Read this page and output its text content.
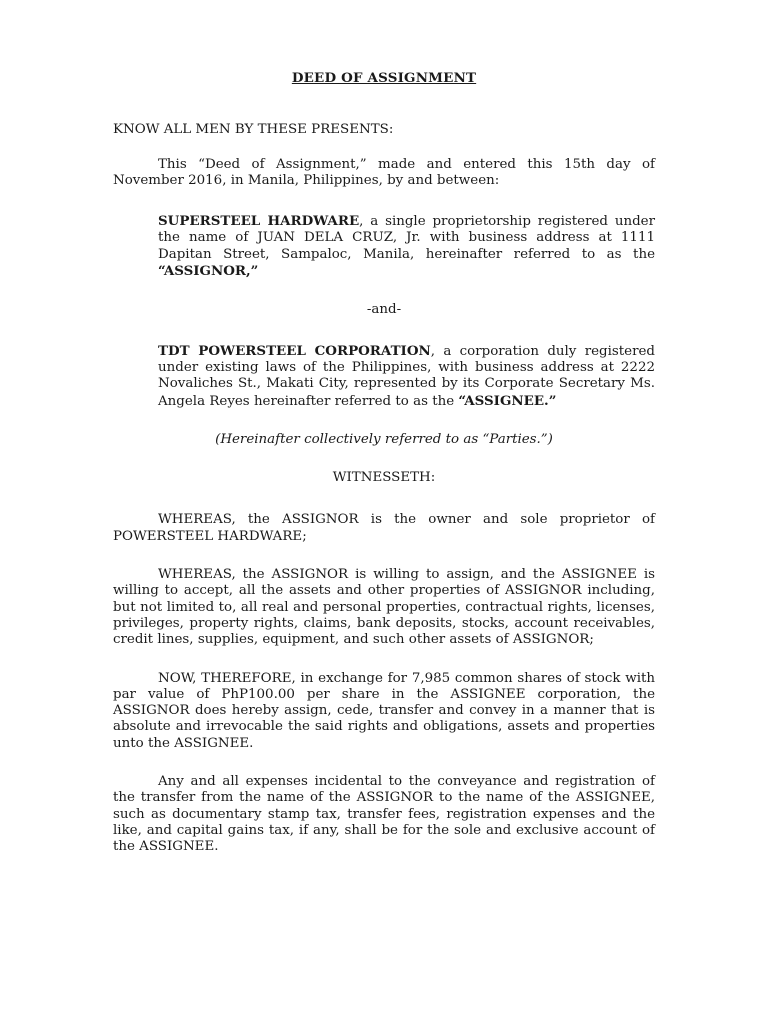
DEED OF ASSIGNMENT

KNOW ALL MEN BY THESE PRESENTS:

This “Deed of Assignment,” made and entered this 15th day of November 2016, in Manila, Philippines, by and between:

SUPERSTEEL HARDWARE, a single proprietorship registered under the name of JUAN DELA CRUZ, Jr. with business address at 1111 Dapitan Street, Sampaloc, Manila, hereinafter referred to as the “ASSIGNOR,”

-and-

TDT POWERSTEEL CORPORATION, a corporation duly registered under existing laws of the Philippines, with business address at 2222 Novaliches St., Makati City, represented by its Corporate Secretary Ms. Angela Reyes hereinafter referred to as the “ASSIGNEE.”

(Hereinafter collectively referred to as “Parties.”)

WITNESSETH:

WHEREAS, the ASSIGNOR is the owner and sole proprietor of POWERSTEEL HARDWARE;

WHEREAS, the ASSIGNOR is willing to assign, and the ASSIGNEE is willing to accept, all the assets and other properties of ASSIGNOR including, but not limited to, all real and personal properties, contractual rights, licenses, privileges, property rights, claims, bank deposits, stocks, account receivables, credit lines, supplies, equipment, and such other assets of ASSIGNOR;

NOW, THEREFORE, in exchange for 7,985 common shares of stock with par value of PhP100.00 per share in the ASSIGNEE corporation, the ASSIGNOR does hereby assign, cede, transfer and convey in a manner that is absolute and irrevocable the said rights and obligations, assets and properties unto the ASSIGNEE.

Any and all expenses incidental to the conveyance and registration of the transfer from the name of the ASSIGNOR to the name of the ASSIGNEE, such as documentary stamp tax, transfer fees, registration expenses and the like, and capital gains tax, if any, shall be for the sole and exclusive account of the ASSIGNEE.
